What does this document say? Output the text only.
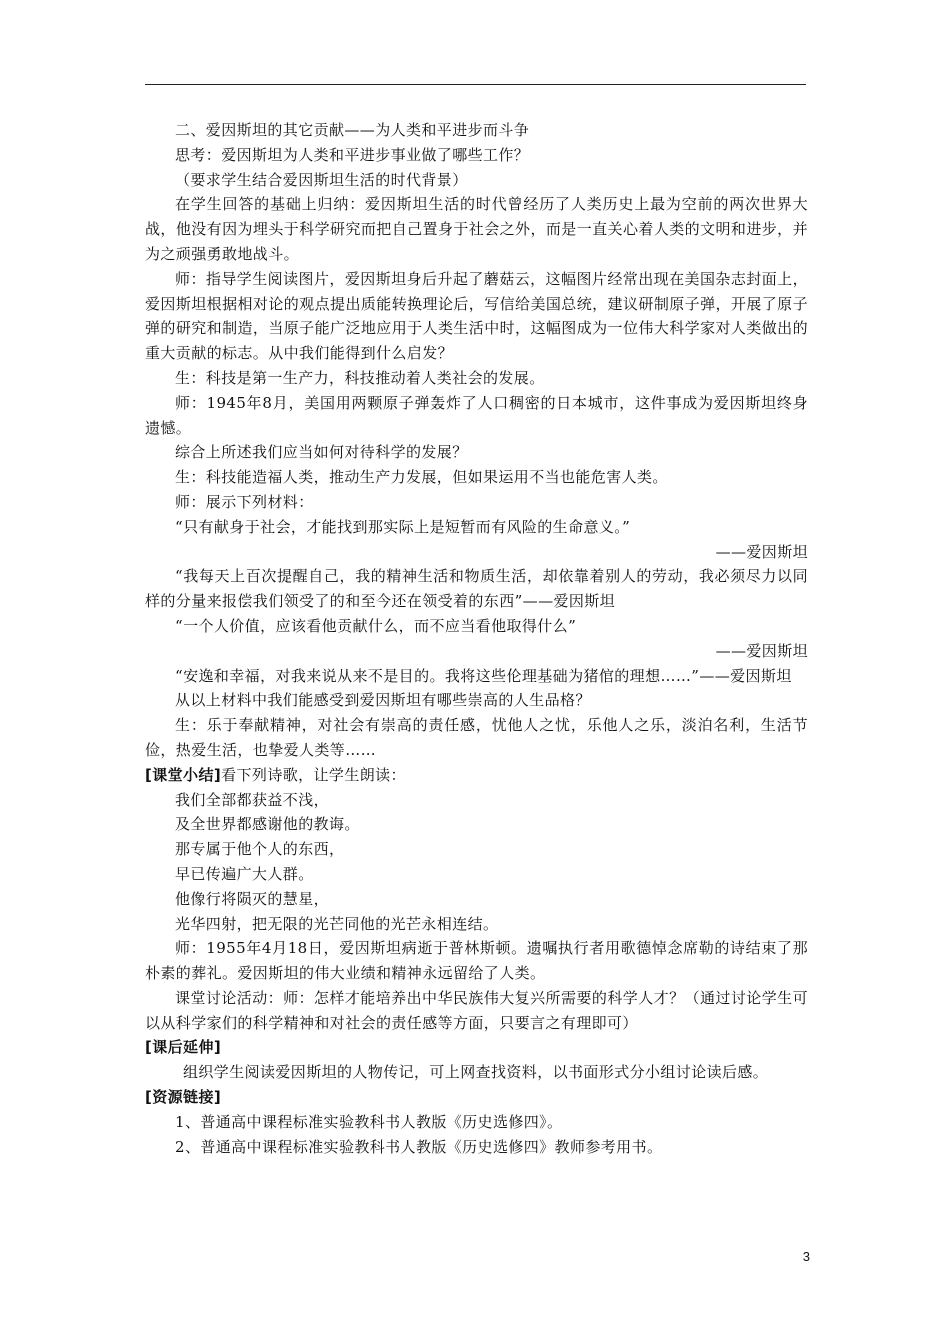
二、爱因斯坦的其它贡献——为人类和平进步而斗争

思考：爱因斯坦为人类和平进步事业做了哪些工作？

（要求学生结合爱因斯坦生活的时代背景）

在学生回答的基础上归纳：爱因斯坦生活的时代曾经历了人类历史上最为空前的两次世界大战，他没有因为埋头于科学研究而把自己置身于社会之外，而是一直关心着人类的文明和进步，并为之顽强勇敢地战斗。

师：指导学生阅读图片，爱因斯坦身后升起了蘑菇云，这幅图片经常出现在美国杂志封面上，爱因斯坦根据相对论的观点提出质能转换理论后，写信给美国总统，建议研制原子弹，开展了原子弹的研究和制造，当原子能广泛地应用于人类生活中时，这幅图成为一位伟大科学家对人类做出的重大贡献的标志。从中我们能得到什么启发？

生：科技是第一生产力，科技推动着人类社会的发展。

师：1945年8月，美国用两颗原子弹轰炸了人口稠密的日本城市，这件事成为爱因斯坦终身遗憾。

综合上所述我们应当如何对待科学的发展？

生：科技能造福人类，推动生产力发展，但如果运用不当也能危害人类。

师：展示下列材料：

“只有献身于社会，才能找到那实际上是短暂而有风险的生命意义。”

——爱因斯坦

“我每天上百次提醒自己，我的精神生活和物质生活，却依靠着别人的劳动，我必须尽力以同样的分量来报偿我们领受了的和至今还在领受着的东西”——爱因斯坦

“一个人价值，应该看他贡献什么，而不应当看他取得什么”

——爱因斯坦

“安逸和幸福，对我来说从来不是目的。我将这些伦理基础为猪倌的理想……”——爱因斯坦

从以上材料中我们能感受到爱因斯坦有哪些崇高的人生品格？

生：乐于奉献精神，对社会有崇高的责任感，忧他人之忧，乐他人之乐，淡泊名利，生活节俭，热爱生活，也挚爱人类等……

[课堂小结]看下列诗歌，让学生朗读：

我们全部都获益不浅，

及全世界都感谢他的教诲。

那专属于他个人的东西，

早已传遍广大人群。

他像行将陨灭的慧星，

光华四射，把无限的光芒同他的光芒永相连结。

师：1955年4月18日，爱因斯坦病逝于普林斯顿。遗嘱执行者用歌德悼念席勒的诗结束了那朴素的葬礼。爱因斯坦的伟大业绩和精神永远留给了人类。

课堂讨论活动：师：怎样才能培养出中华民族伟大复兴所需要的科学人才？（通过讨论学生可以从科学家们的科学精神和对社会的责任感等方面，只要言之有理即可）

[课后延伸]

组织学生阅读爱因斯坦的人物传记，可上网查找资料，以书面形式分小组讨论读后感。

[资源链接]

1、普通高中课程标准实验教科书人教版《历史选修四》。

2、普通高中课程标准实验教科书人教版《历史选修四》教师参考用书。

3
